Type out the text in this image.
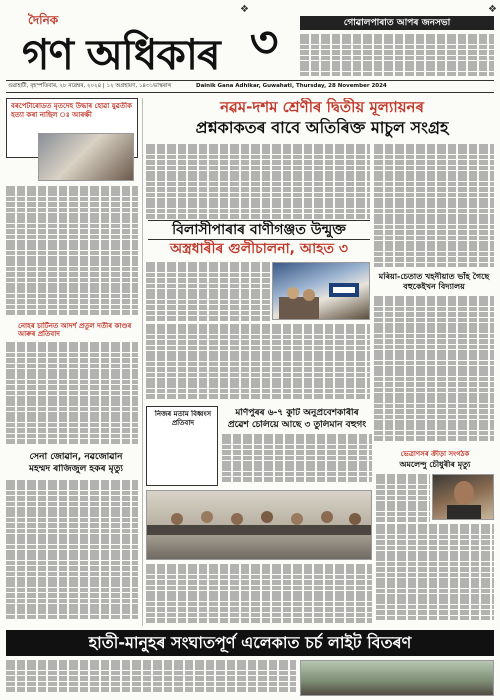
❖	❖
দৈনিক
গণ অধিকাৰ ৩
গুৱাহাটী, বৃহস্পতিবাৰ, ২৮ নৱেম্বৰ, ২০২৪ | ১২ অগ্ৰহায়ণ, ১৪৩১ভাস্কৰাব্দ	Dainik Gana Adhikar, Guwahati, Thursday, 28 November 2024
গোৱালপাৰাত আপৰ জনসভা
বৰপেটাৰোডত মৃতদেহ উদ্ধাৰ হোৱা যুৱতীক হত্যা কৰা নাছিল ঃ আৰক্ষী
নোহৰ চাৰ্টিনত আদৰ্শ প্ৰতুল দৰ্তীৰ কাণ্ডৰ আৰুৰ প্ৰতিবাদ
সেনা জোৱান, নৱজোৱান
মহম্মদ ৰাজিজুল হকৰ মৃত্যু
নৱম-দশম শ্ৰেণীৰ দ্বিতীয় মূল্যায়নৰ
প্ৰশ্নকাকতৰ বাবে অতিৰিক্ত মাচুল সংগ্ৰহ
বিলাসীপাৰাৰ বাণীগঞ্জত উন্মুক্ত
অস্ত্ৰধাৰীৰ গুলীচালনা, আহত ৩
মৰিয়া-চেতাত খহনীয়াত ভাঁহ গৈছে বহুকেইখন বিদ্যালয়
নিজৰ মতাম বিধ্বংস প্ৰতিবাদ
মণিপুৰৰ ৬-৭ কুটি অনুপ্ৰবেশকাৰীৰ
প্ৰৱেশ চেলিয়ে আছে ৩ তুলিমান বহুগং
ভেত্ৰাণসৰ ক্ৰীড়া সংগঠক
অমলেন্দু চৌধুৰীৰ মৃত্যু
হাতী-মানুহৰ সংঘাতপূৰ্ণ এলেকাত চৰ্চ লাইট বিতৰণ
